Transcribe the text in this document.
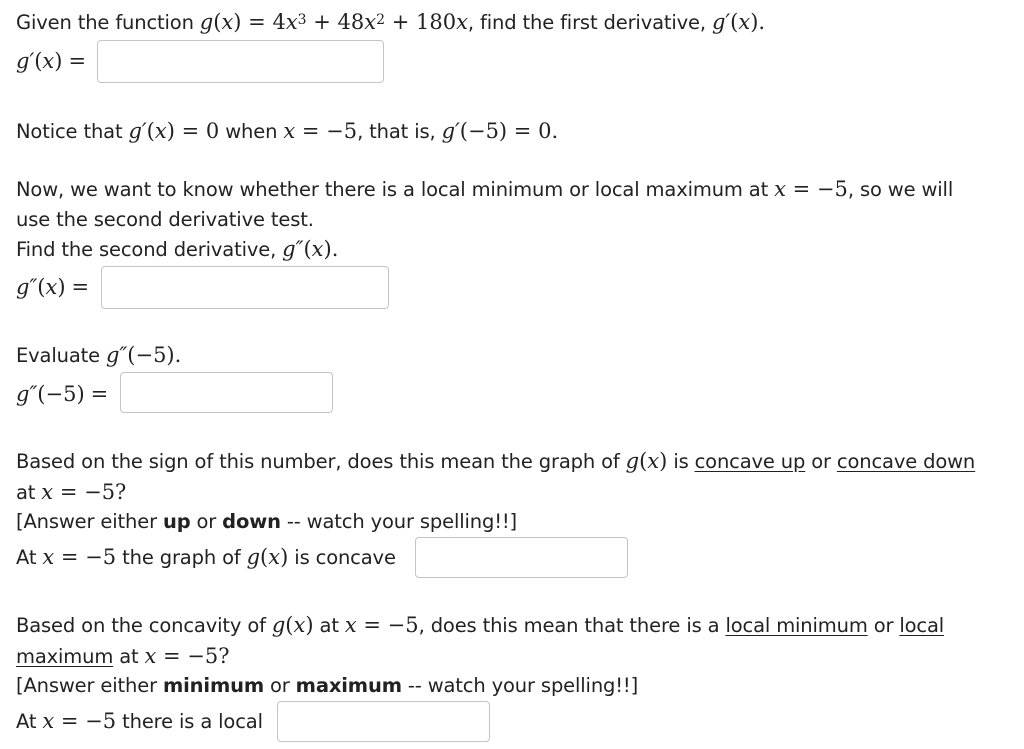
Given the function g ( x ) = 4 $x^3 + 48$ $x^2 + 180$ x , find the first derivative, g′ ( x ).
g′ ( x ) =
Notice that g′ ( x ) = 0 when x = −5 , that is, g′ (−5) = 0 .
Now, we want to know whether there is a local minimum or local maximum at x = −5 , so we will
use the second derivative test.
Find the second derivative, g″ ( x ).
g″ ( x ) =
Evaluate g″ (−5) .
g″ (−5) =
Based on the sign of this number, does this mean the graph of g ( x ) is concave up or concave down
at x = −5?
[Answer either up or down -- watch your spelling!!]
At x = −5 the graph of g ( x ) is concave
Based on the concavity of g ( x ) at x = −5 , does this mean that there is a local minimum or local
maximum at x = −5?
[Answer either minimum or maximum -- watch your spelling!!]
At x = −5 there is a local
